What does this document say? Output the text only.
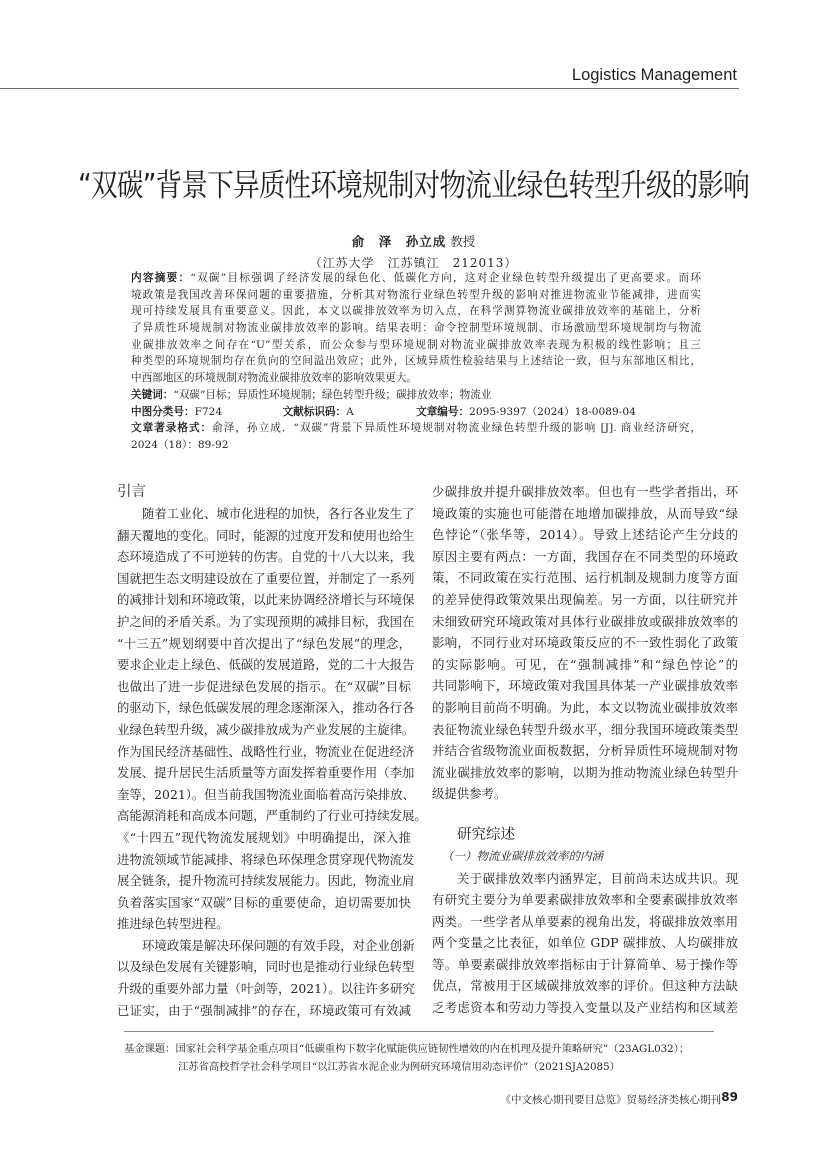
Logistics Management
“双碳”背景下异质性环境规制对物流业绿色转型升级的影响
俞　泽　孙立成 教授
（江苏大学　江苏镇江　212013）
内容摘要：“双碳”目标强调了经济发展的绿色化、低碳化方向，这对企业绿色转型升级提出了更高要求。而环
境政策是我国改善环保问题的重要措施，分析其对物流行业绿色转型升级的影响对推进物流业节能减排，进而实
现可持续发展具有重要意义。因此，本文以碳排放效率为切入点，在科学测算物流业碳排放效率的基础上，分析
了异质性环境规制对物流业碳排放效率的影响。结果表明：命令控制型环境规制、市场激励型环境规制均与物流
业碳排放效率之间存在“U”型关系，而公众参与型环境规制对物流业碳排放效率表现为积极的线性影响；且三
种类型的环境规制均存在负向的空间溢出效应；此外，区域异质性检验结果与上述结论一致，但与东部地区相比，
中西部地区的环境规制对物流业碳排放效率的影响效果更大。
关键词：“双碳”目标；异质性环境规制；绿色转型升级；碳排放效率；物流业
中图分类号：F724	文献标识码：A	文章编号：2095-9397（2024）18-0089-04
文章著录格式：俞泽，孙立成．“双碳”背景下异质性环境规制对物流业绿色转型升级的影响 [J]. 商业经济研究，
2024（18）：89-92
引言
随着工业化、城市化进程的加快，各行各业发生了
翻天覆地的变化。同时，能源的过度开发和使用也给生
态环境造成了不可逆转的伤害。自党的十八大以来，我
国就把生态文明建设放在了重要位置，并制定了一系列
的减排计划和环境政策，以此来协调经济增长与环境保
护之间的矛盾关系。为了实现预期的减排目标，我国在
“十三五”规划纲要中首次提出了“绿色发展”的理念，
要求企业走上绿色、低碳的发展道路，党的二十大报告
也做出了进一步促进绿色发展的指示。在“双碳”目标
的驱动下，绿色低碳发展的理念逐渐深入，推动各行各
业绿色转型升级，减少碳排放成为产业发展的主旋律。
作为国民经济基础性、战略性行业，物流业在促进经济
发展、提升居民生活质量等方面发挥着重要作用（李加
奎等，2021）。但当前我国物流业面临着高污染排放、
高能源消耗和高成本问题，严重制约了行业可持续发展。
《“十四五”现代物流发展规划》中明确提出，深入推
进物流领域节能减排、将绿色环保理念贯穿现代物流发
展全链条，提升物流可持续发展能力。因此，物流业肩
负着落实国家“双碳”目标的重要使命，迫切需要加快
推进绿色转型进程。
环境政策是解决环保问题的有效手段，对企业创新
以及绿色发展有关键影响，同时也是推动行业绿色转型
升级的重要外部力量（叶剑等，2021）。以往许多研究
已证实，由于“强制减排”的存在，环境政策可有效减
少碳排放并提升碳排放效率。但也有一些学者指出，环
境政策的实施也可能潜在地增加碳排放，从而导致“绿
色悖论”（张华等，2014）。导致上述结论产生分歧的
原因主要有两点：一方面，我国存在不同类型的环境政
策，不同政策在实行范围、运行机制及规制力度等方面
的差异使得政策效果出现偏差。另一方面，以往研究并
未细致研究环境政策对具体行业碳排放或碳排放效率的
影响，不同行业对环境政策反应的不一致性弱化了政策
的实际影响。可见，在“强制减排”和“绿色悖论”的
共同影响下，环境政策对我国具体某一产业碳排放效率
的影响目前尚不明确。为此，本文以物流业碳排放效率
表征物流业绿色转型升级水平，细分我国环境政策类型
并结合省级物流业面板数据，分析异质性环境规制对物
流业碳排放效率的影响，以期为推动物流业绿色转型升
级提供参考。
研究综述
（一）物流业碳排放效率的内涵
关于碳排放效率内涵界定，目前尚未达成共识。现
有研究主要分为单要素碳排放效率和全要素碳排放效率
两类。一些学者从单要素的视角出发，将碳排放效率用
两个变量之比表征，如单位 GDP 碳排放、人均碳排放
等。单要素碳排放效率指标由于计算简单、易于操作等
优点，常被用于区域碳排放效率的评价。但这种方法缺
乏考虑资本和劳动力等投入变量以及产业结构和区域差
基金课题：国家社会科学基金重点项目“低碳重构下数字化赋能供应链韧性增效的内在机理及提升策略研究”（23AGL032）；
江苏省高校哲学社会科学项目“以江苏省水泥企业为例研究环境信用动态评价”（2021SJA2085）
《中文核心期刊要目总览》贸易经济类核心期刊 89
